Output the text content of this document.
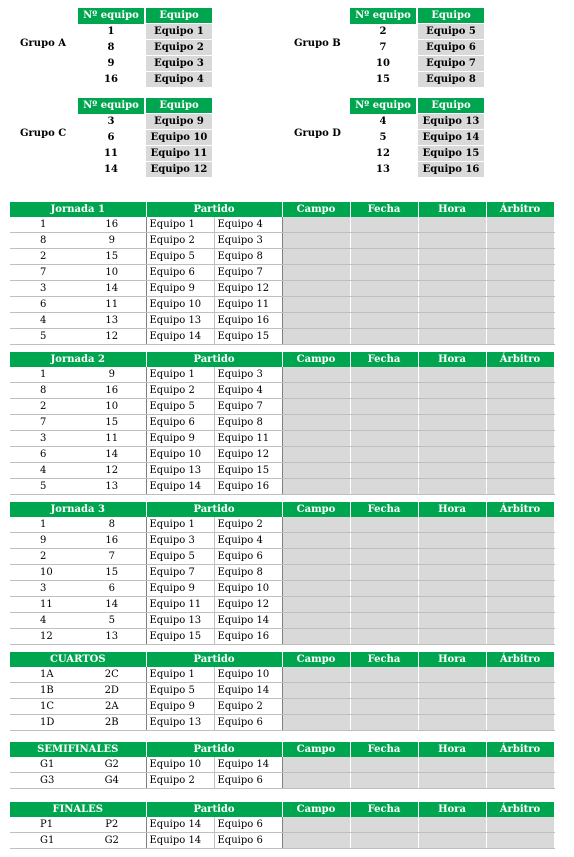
Grupo A
Nº equipo		Equipo
1		Equipo 1
8		Equipo 2
9		Equipo 3
16		Equipo 4
Grupo B
Nº equipo		Equipo
2		Equipo 5
7		Equipo 6
10		Equipo 7
15		Equipo 8
Grupo C
Nº equipo		Equipo
3		Equipo 9
6		Equipo 10
11		Equipo 11
14		Equipo 12
Grupo D
Nº equipo		Equipo
4		Equipo 13
5		Equipo 14
12		Equipo 15
13		Equipo 16
Jornada 1		Partido		Campo	Fecha	Hora	Árbitro
1	16	Equipo 1	Equipo 4				
8	9	Equipo 2	Equipo 3				
2	15	Equipo 5	Equipo 8				
7	10	Equipo 6	Equipo 7				
3	14	Equipo 9	Equipo 12				
6	11	Equipo 10	Equipo 11				
4	13	Equipo 13	Equipo 16				
5	12	Equipo 14	Equipo 15				
Jornada 2		Partido		Campo	Fecha	Hora	Árbitro
1	9	Equipo 1	Equipo 3				
8	16	Equipo 2	Equipo 4				
2	10	Equipo 5	Equipo 7				
7	15	Equipo 6	Equipo 8				
3	11	Equipo 9	Equipo 11				
6	14	Equipo 10	Equipo 12				
4	12	Equipo 13	Equipo 15				
5	13	Equipo 14	Equipo 16				
Jornada 3		Partido		Campo	Fecha	Hora	Árbitro
1	8	Equipo 1	Equipo 2				
9	16	Equipo 3	Equipo 4				
2	7	Equipo 5	Equipo 6				
10	15	Equipo 7	Equipo 8				
3	6	Equipo 9	Equipo 10				
11	14	Equipo 11	Equipo 12				
4	5	Equipo 13	Equipo 14				
12	13	Equipo 15	Equipo 16				
CUARTOS		Partido		Campo	Fecha	Hora	Árbitro
1A	2C	Equipo 1	Equipo 10				
1B	2D	Equipo 5	Equipo 14				
1C	2A	Equipo 9	Equipo 2				
1D	2B	Equipo 13	Equipo 6				
SEMIFINALES		Partido		Campo	Fecha	Hora	Árbitro
G1	G2	Equipo 10	Equipo 14				
G3	G4	Equipo 2	Equipo 6				
FINALES		Partido		Campo	Fecha	Hora	Árbitro
P1	P2	Equipo 14	Equipo 6				
G1	G2	Equipo 14	Equipo 6				
